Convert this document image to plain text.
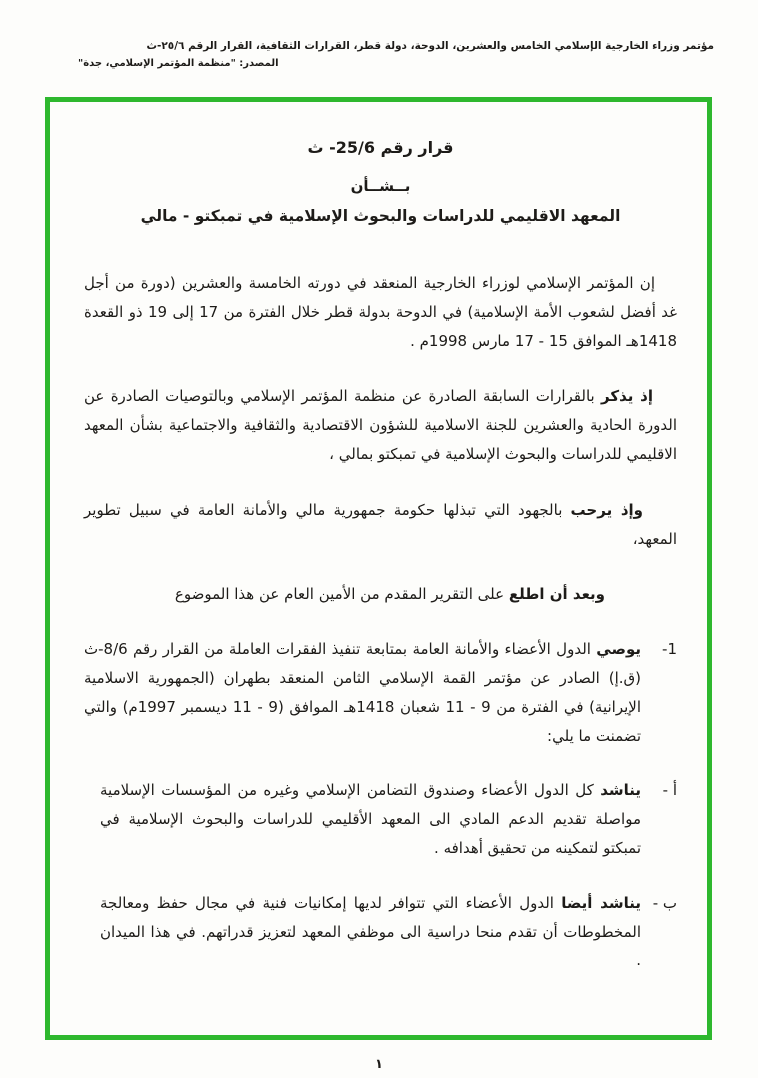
مؤتمر وزراء الخارجية الإسلامي الخامس والعشرين، الدوحة، دولة قطر، القرارات الثقافية، القرار الرقم ٢٥/٦-ث
المصدر: "منظمة المؤتمر الإسلامي، جدة"
قرار رقم 25/6- ث
بــشــأن
المعهد الاقليمي للدراسات والبحوث الإسلامية في تمبكتو - مالي

إن المؤتمر الإسلامي لوزراء الخارجية المنعقد في دورته الخامسة والعشرين (دورة من أجل غد أفضل لشعوب الأمة الإسلامية) في الدوحة بدولة قطر خلال الفترة من 17 إلى 19 ذو القعدة 1418هـ الموافق 15 - 17 مارس 1998م .

إذ يذكر بالقرارات السابقة الصادرة عن منظمة المؤتمر الإسلامي وبالتوصيات الصادرة عن الدورة الحادية والعشرين للجنة الاسلامية للشؤون الاقتصادية والثقافية والاجتماعية بشأن المعهد الاقليمي للدراسات والبحوث الإسلامية في تمبكتو بمالي ،

وإذ يرحب بالجهود التي تبذلها حكومة جمهورية مالي والأمانة العامة في سبيل تطوير المعهد،

وبعد أن اطلع على التقرير المقدم من الأمين العام عن هذا الموضوع

1-

يوصي الدول الأعضاء والأمانة العامة بمتابعة تنفيذ الفقرات العاملة من القرار رقم 8/6-ث (ق.إ) الصادر عن مؤتمر القمة الإسلامي الثامن المنعقد بطهران (الجمهورية الاسلامية الإيرانية) في الفترة من 9 - 11 شعبان 1418هـ الموافق (9 - 11 ديسمبر 1997م) والتي تضمنت ما يلي:

أ -

يناشد كل الدول الأعضاء وصندوق التضامن الإسلامي وغيره من المؤسسات الإسلامية مواصلة تقديم الدعم المادي الى المعهد الأقليمي للدراسات والبحوث الإسلامية في تمبكتو لتمكينه من تحقيق أهدافه .

ب -

يناشد أيضا الدول الأعضاء التي تتوافر لديها إمكانيات فنية في مجال حفظ ومعالجة المخطوطات أن تقدم منحا دراسية الى موظفي المعهد لتعزيز قدراتهم. في هذا الميدان .

١
